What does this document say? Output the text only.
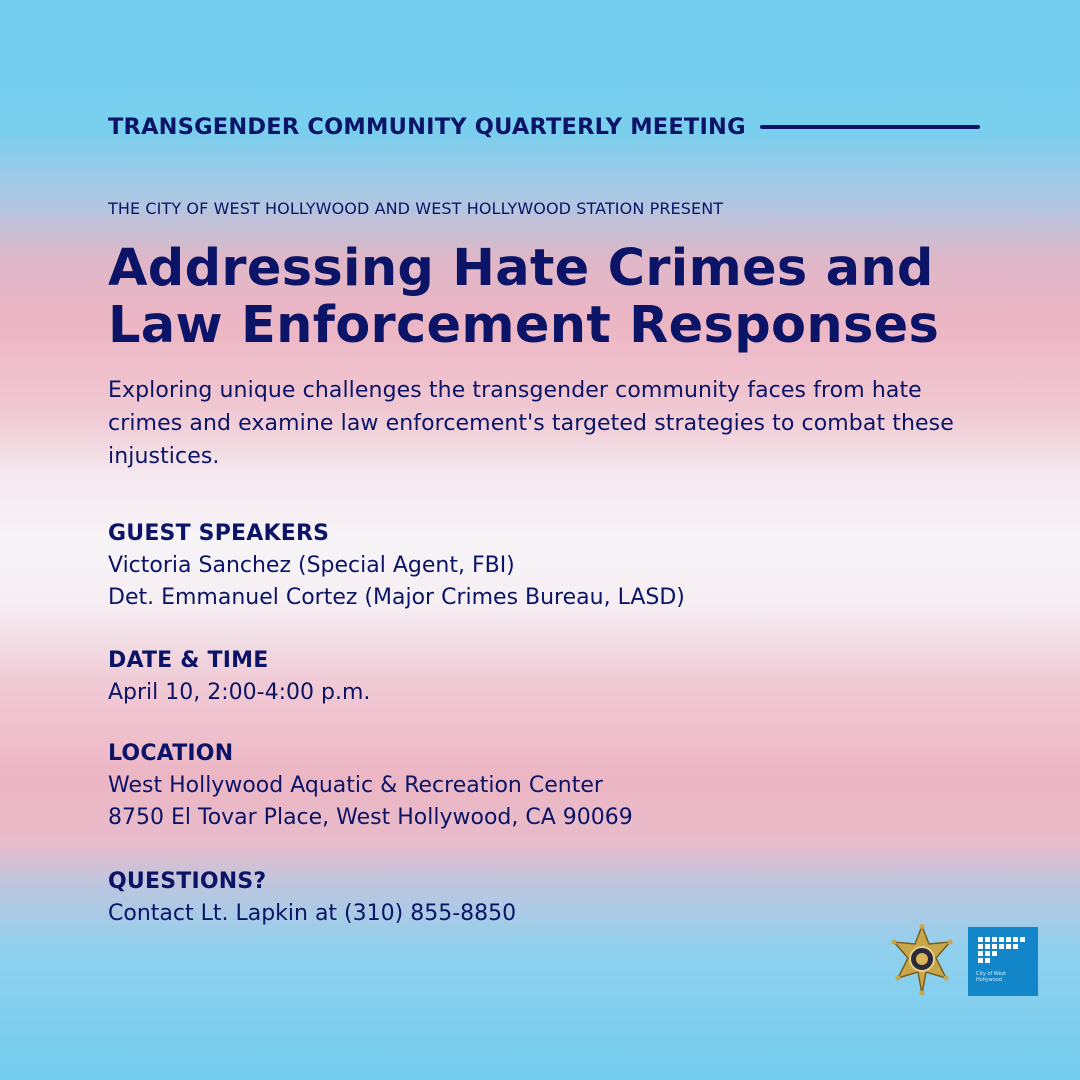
TRANSGENDER COMMUNITY QUARTERLY MEETING
THE CITY OF WEST HOLLYWOOD AND WEST HOLLYWOOD STATION PRESENT
Addressing Hate Crimes and
Law Enforcement Responses
Exploring unique challenges the transgender community faces from hate crimes and examine law enforcement's targeted strategies to combat these injustices.
GUEST SPEAKERS
Victoria Sanchez (Special Agent, FBI)
Det. Emmanuel Cortez (Major Crimes Bureau, LASD)
DATE & TIME
April 10, 2:00-4:00 p.m.
LOCATION
West Hollywood Aquatic & Recreation Center
8750 El Tovar Place, West Hollywood, CA 90069
QUESTIONS?
Contact Lt. Lapkin at (310) 855-8850
City of West Hollywood
